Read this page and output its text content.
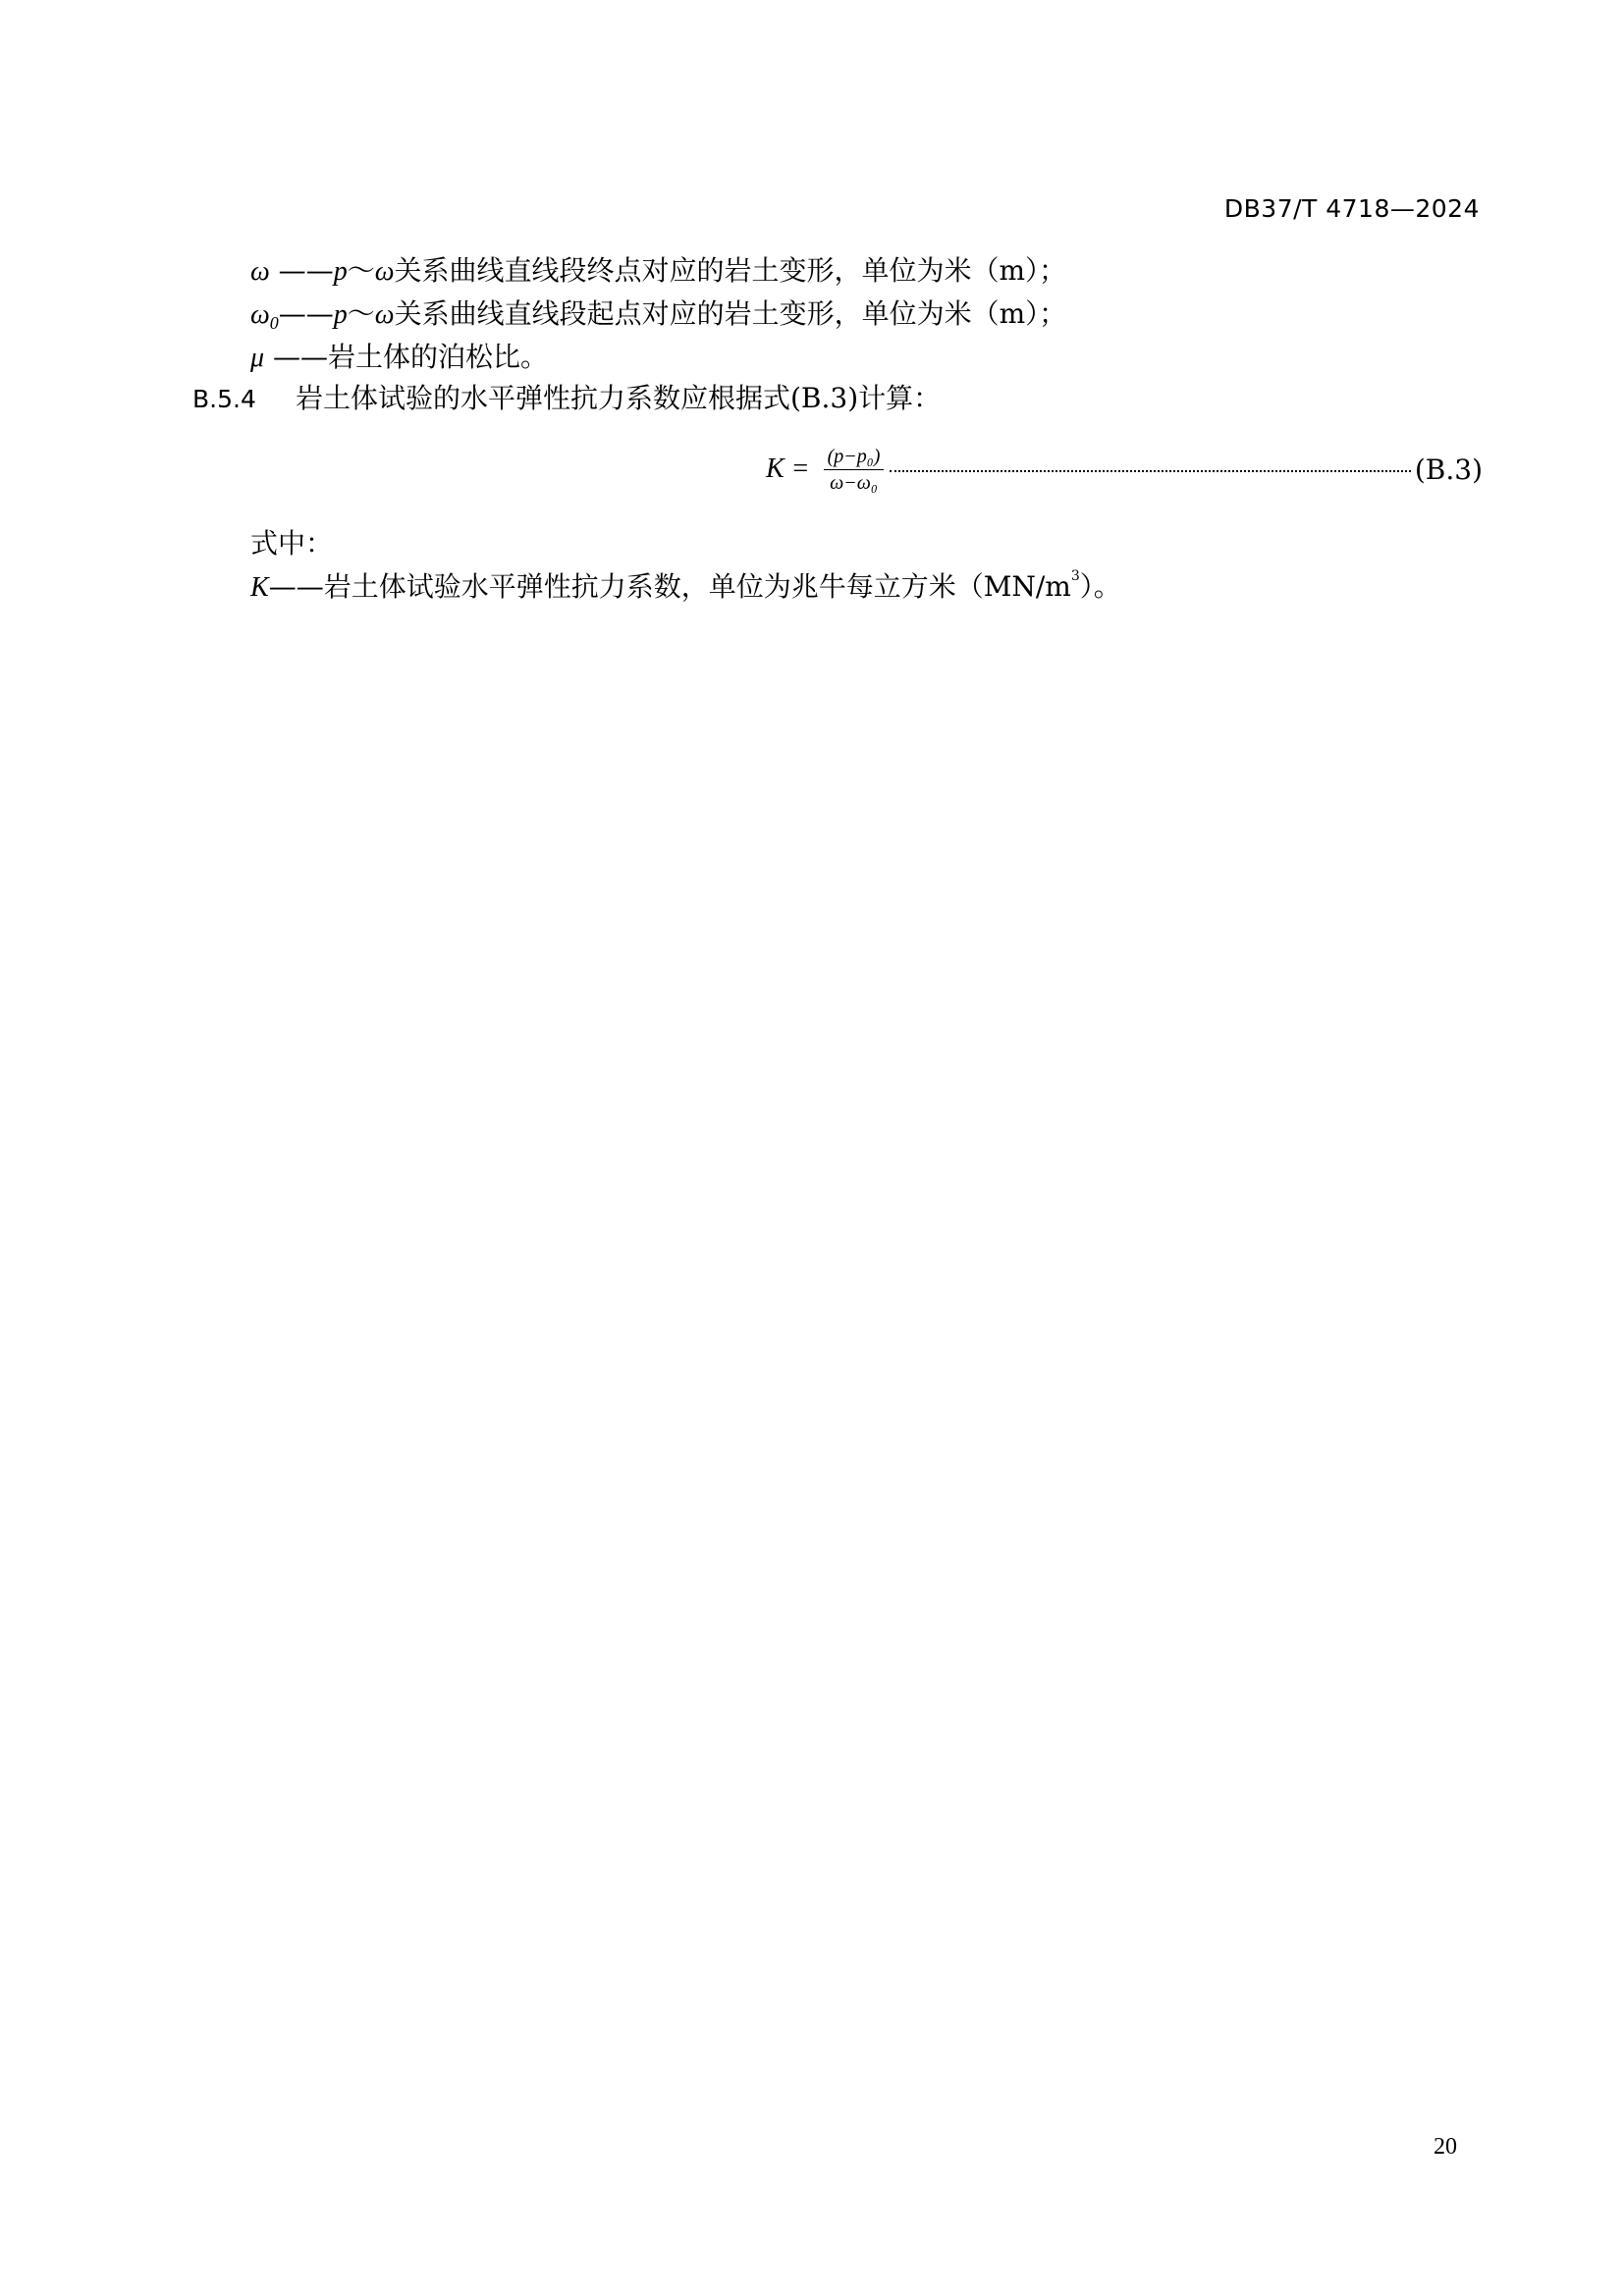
DB37/T 4718—2024
ω ——p～ω关系曲线直线段终点对应的岩土变形，单位为米（m）；
$\omega_0——p\sim\omega$关系曲线直线段起点对应的岩土变形，单位为米（m）；
μ ——岩土体的泊松比。
B.5.4 岩土体试验的水平弹性抗力系数应根据式(B.3)计算：
$K = \frac{\text{(p−p₀)}}{\text{ω−ω₀}}$	(B.3)
式中：
K——岩土体试验水平弹性抗力系数，单位为兆牛每立方米$(MN/m^3)$。
20
